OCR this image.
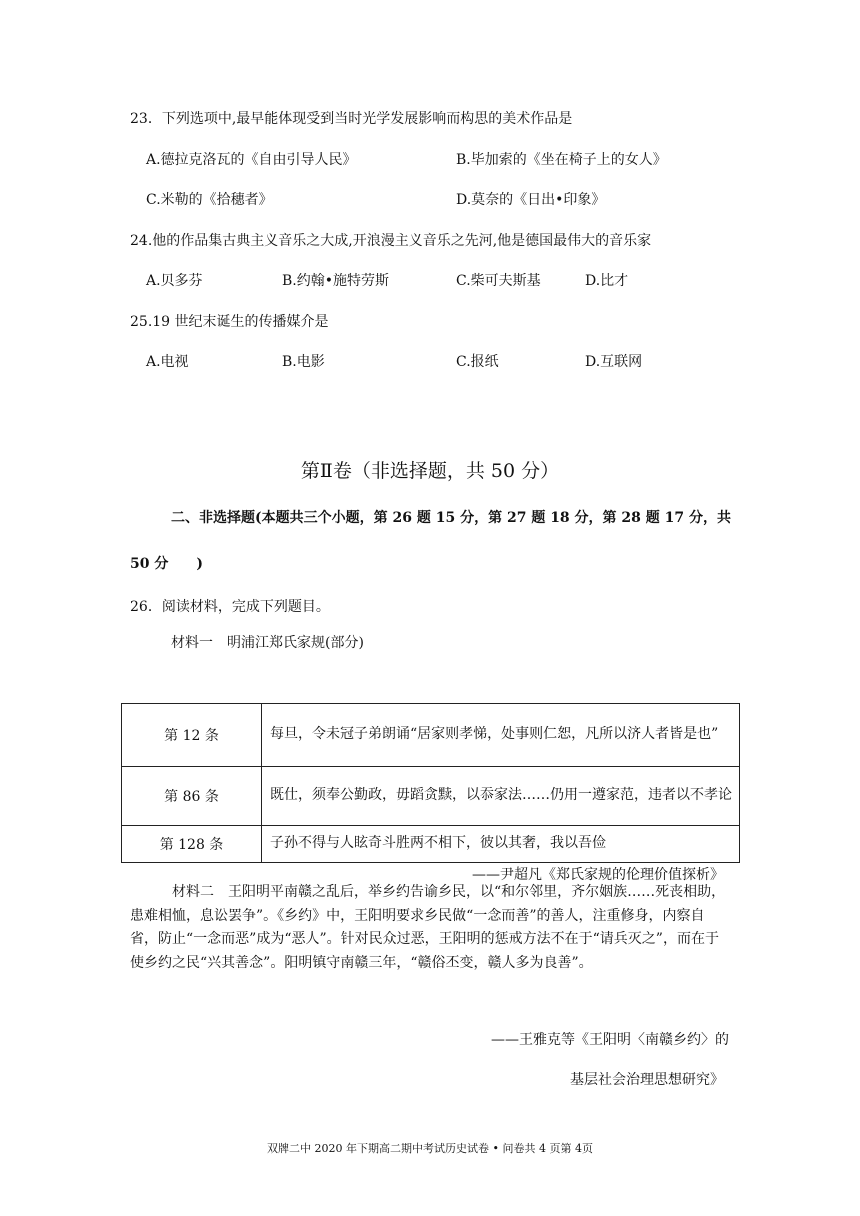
23．下列选项中,最早能体现受到当时光学发展影响而构思的美术作品是
A.德拉克洛瓦的《自由引导人民》	B.毕加索的《坐在椅子上的女人》
C.米勒的《拾穗者》	D.莫奈的《日出•印象》
24.他的作品集古典主义音乐之大成,开浪漫主义音乐之先河,他是德国最伟大的音乐家
A.贝多芬	B.约翰•施特劳斯	C.柴可夫斯基	D.比才
25.19 世纪末诞生的传播媒介是
A.电视	B.电影	C.报纸	D.互联网
第Ⅱ卷（非选择题，共 50 分）
二、非选择题(本题共三个小题，第 26 题 15 分，第 27 题 18 分，第 28 题 17 分，共
50 分　　)
26．阅读材料，完成下列题目。
材料一　明浦江郑氏家规(部分)
第 12 条	每旦，令未冠子弟朗诵“居家则孝悌，处事则仁恕，凡所以济人者皆是也”
第 86 条	既仕，须奉公勤政，毋蹈贪黩，以忝家法……仍用一遵家范，违者以不孝论
第 128 条	子孙不得与人眩奇斗胜两不相下，彼以其奢，我以吾俭
——尹超凡《郑氏家规的伦理价值探析》
材料二　王阳明平南赣之乱后，举乡约告谕乡民，以“和尔邻里，齐尔姻族……死丧相助，患难相恤，息讼罢争”。《乡约》中，王阳明要求乡民做“一念而善”的善人，注重修身，内察自省，防止“一念而恶”成为“恶人”。针对民众过恶，王阳明的惩戒方法不在于“请兵灭之”，而在于使乡约之民“兴其善念”。阳明镇守南赣三年，“赣俗丕变，赣人多为良善”。
——王雅克等《王阳明〈南赣乡约〉的
基层社会治理思想研究》
双牌二中 2020 年下期高二期中考试历史试卷 • 问卷共 4 页第 4页
